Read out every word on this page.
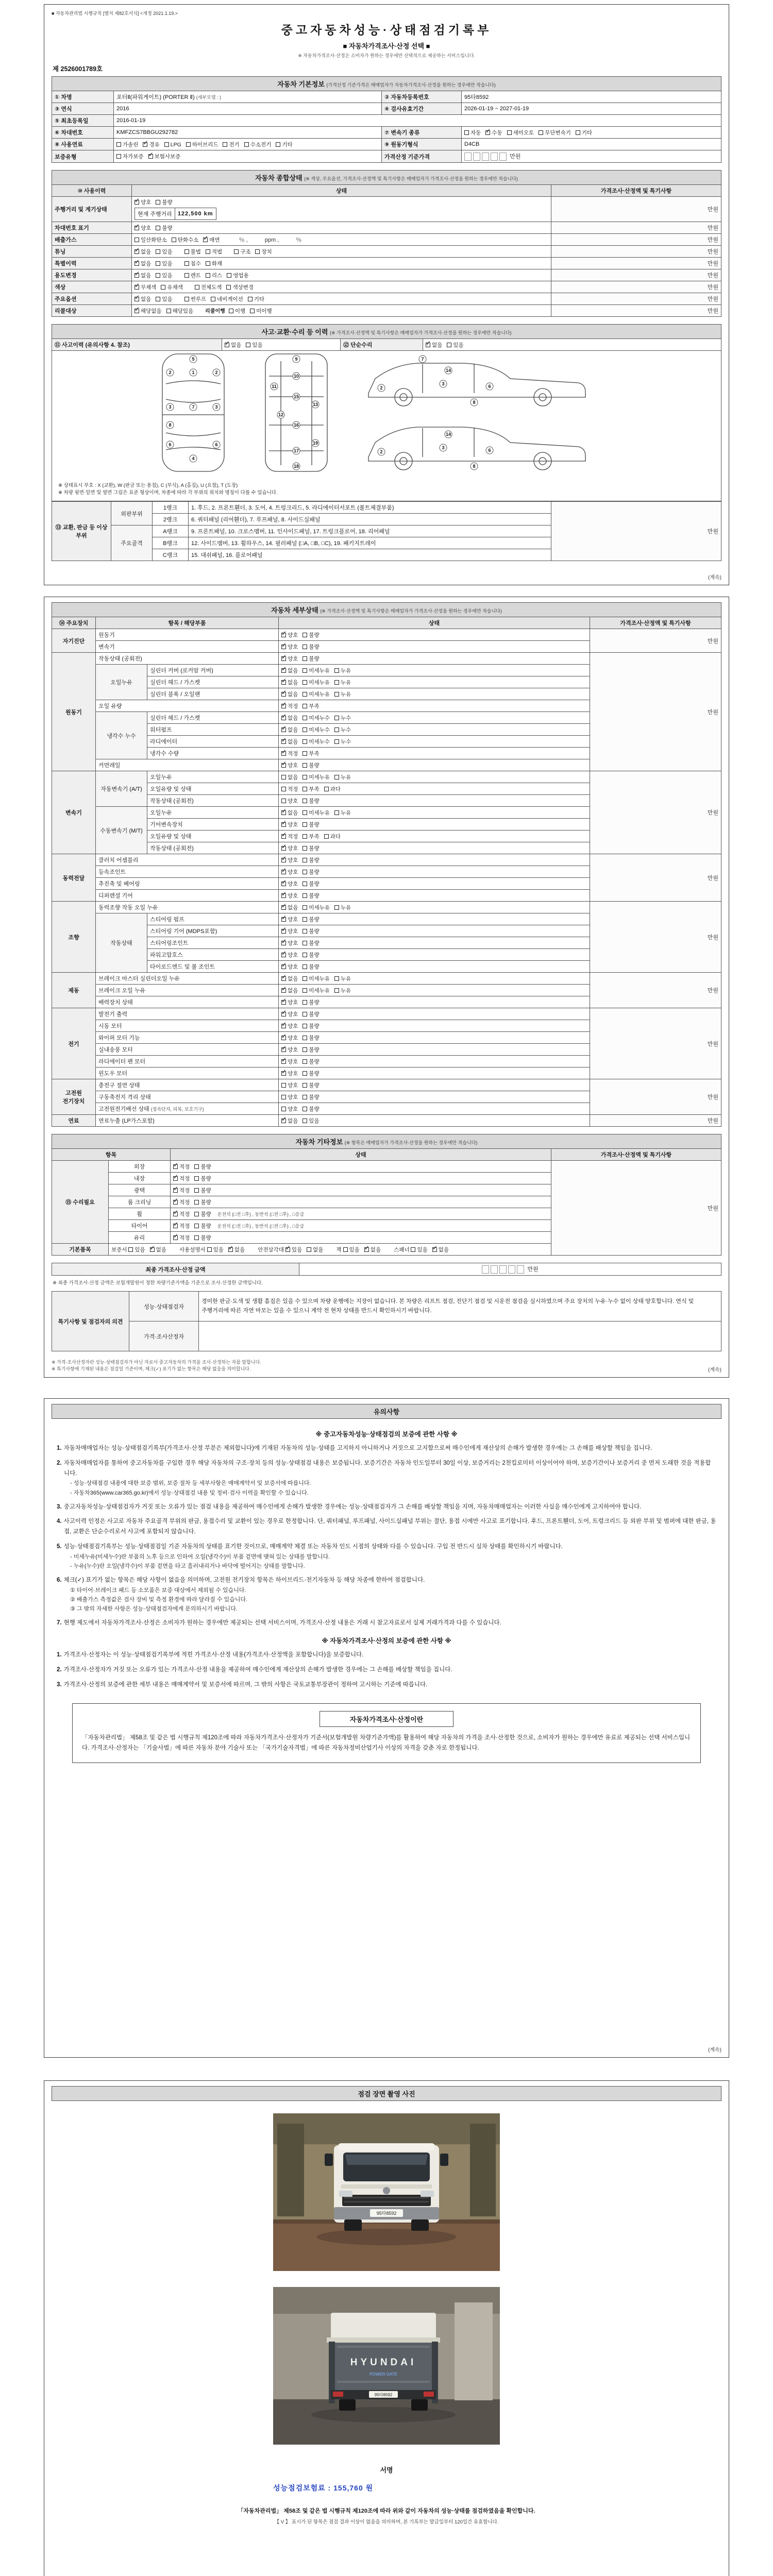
■ 자동차관리법 시행규칙 [별지 제82호서식] <개정 2021.1.19.>
중고자동차성능·상태점검기록부
■ 자동차가격조사·산정 선택 ■
※ 자동차가격조사·산정은 소비자가 원하는 경우에만 선택적으로 제공하는 서비스입니다.
제 2526001789호
자동차 기본정보 (가격산정 기준가격은 매매업자가 자동차가격조사·산정을 원하는 경우에만 적습니다)
① 차명	포터Ⅱ(파워게이트) (PORTER Ⅱ) (세부모델 : )	② 자동차등록번호	95타8592
③ 연식	2016	④ 검사유효기간	2026-01-19 ~ 2027-01-19
⑤ 최초등록일	2016-01-19		
⑥ 차대번호	KMFZCS7BBGU292782	⑦ 변속기 종류	자동 ✓ 수동 세미오토 무단변속기 기타
⑧ 사용연료	가솔린 ✓ 경유 LPG 하이브리드 전기 수소전기 기타	⑨ 원동기형식	D4CB
보증유형	자가보증 ✓ 보험사보증	가격산정 기준가격	만원
자동차 종합상태 (※ 색상, 주요옵션, 가격조사·산정액 및 특기사항은 매매업자가 가격조사·산정을 원하는 경우에만 적습니다)
⑩ 사용이력	상태	가격조사·산정액 및 특기사항
주행거리 및 계기상태	
✓양호 불량
현재 주행거리	122,500 km
	만원
차대번호 표기	
✓양호 불량	만원
배출가스	일산화탄소 탄화수소 ✓ 매연　　％ ,　　　ppm ,　　　％	만원
튜닝	
✓없음 있음	불법 적법	구조 장치	만원
특별이력	
✓없음 있음	침수 화재	만원
용도변경	
✓없음 있음	렌트 리스 영업용	만원
색상	
✓무채색 유채색	전체도색 색상변경	만원
주요옵션	
✓없음 있음	썬루프 네비게이션 기타	만원
리콜대상	
✓해당없음 해당있음 리콜이행 이행 미이행	만원
사고·교환·수리 등 이력 (※ 가격조사·산정액 및 특기사항은 매매업자가 가격조사·산정을 원하는 경우에만 적습니다)
⑪ 사고이력 (유의사항 4. 참조)	✓없음 있음	⑫ 단순수리	✓없음 있음
5
1
2	2
3	3
7
6	6
4
8
9
10
11
15
12
13
16
19
17
18
2
3	6
7
14
8
2
3	6
14
8
※ 상태표시 부호 : X (교환), W (판금 또는 용접), C (부식), A (흠집), U (요철), T (도장)
※ 차량 윗면·밑면 및 옆면 그림은 표준 형상이며, 차종에 따라 각 부위의 위치와 명칭이 다를 수 있습니다.
⑬ 교환, 판금 등 이상 부위	외판부위	1랭크	1. 후드, 2. 프론트휀더, 3. 도어, 4. 트렁크리드, 5. 라디에이터서포트 (볼트체결부품)	만원
		2랭크	6. 쿼터패널 (리어휀더), 7. 루프패널, 8. 사이드실패널	
	주요골격	A랭크	9. 프론트패널, 10. 크로스멤버, 11. 인사이드패널, 17. 트렁크플로어, 18. 리어패널	
		B랭크	12. 사이드멤버, 13. 휠하우스, 14. 필러패널 (□A, □B, □C), 19. 패키지트레이	
		C랭크	15. 대쉬패널, 16. 플로어패널	
(계속)
자동차 세부상태 (※ 가격조사·산정액 및 특기사항은 매매업자가 가격조사·산정을 원하는 경우에만 적습니다)
⑭ 주요장치	항목 / 해당부품		상태	가격조사·산정액 및 특기사항
자기진단	원동기	✓양호 불량	만원
	변속기	✓양호 불량
원동기	작동상태 (공회전)	✓양호 불량	만원
	오일누유	실린더 커버 (로커암 커버)	✓없음 미세누유 누유
		실린더 헤드 / 가스켓	✓없음 미세누유 누유
		실린더 블록 / 오일팬	✓없음 미세누유 누유
	오일 유량	✓적정 부족
	냉각수 누수	실린더 헤드 / 가스켓	✓없음 미세누수 누수
		워터펌프	✓없음 미세누수 누수
		라디에이터	✓없음 미세누수 누수
		냉각수 수량	✓적정 부족
	커먼레일	✓양호 불량
변속기	자동변속기 (A/T)	오일누유	없음 미세누유 누유	만원
		오일유량 및 상태	적정 부족 과다	
		작동상태 (공회전)	양호 불량	
	수동변속기 (M/T)	오일누유	✓없음 미세누유 누유
		기어변속장치	✓양호 불량
		오일유량 및 상태	✓적정 부족 과다
		작동상태 (공회전)	✓양호 불량
동력전달	클러치 어셈블리	✓양호 불량	만원
	등속조인트	✓양호 불량
	추진축 및 베어링	✓양호 불량
	디퍼렌셜 기어	✓양호 불량
조향	동력조향 작동 오일 누유	✓없음 미세누유 누유	만원
	작동상태	스티어링 펌프	✓양호 불량
		스티어링 기어 (MDPS포함)	✓양호 불량
		스티어링조인트	✓양호 불량
		파워고압호스	✓양호 불량
		타이로드엔드 및 볼 조인트	✓양호 불량
제동	브레이크 마스터 실린더오일 누유	✓없음 미세누유 누유	만원
	브레이크 오일 누유	✓없음 미세누유 누유
	배력장치 상태	✓양호 불량
전기	발전기 출력	✓양호 불량	만원
	시동 모터	✓양호 불량
	와이퍼 모터 기능	✓양호 불량
	실내송풍 모터	✓양호 불량
	라디에이터 팬 모터	✓양호 불량
	윈도우 모터	✓양호 불량
고전원 전기장치	충전구 절연 상태		양호 불량	만원
	구동축전지 격리 상태		양호 불량	
	고전원전기배선 상태 (접속단자, 피복, 보호기구)		양호 불량	
연료	연료누출 (LP가스포함)	✓없음 있음	만원
자동차 기타정보 (※ 항목은 매매업자가 가격조사·산정을 원하는 경우에만 적습니다)
항목		상태	가격조사·산정액 및 특기사항
⑮ 수리필요	외장	✓적정 불량	만원
	내장	✓적정 불량
	광택	✓적정 불량
	룸 크리닝	✓적정 불량
	휠	✓적정 불량 운전석 (□전 □후) , 동반석 (□전 □후) , □응급
	타이어	✓적정 불량 운전석 (□전 □후) , 동반석 (□전 □후) , □응급
	유리	✓적정 불량
기본품목	보증서 있음 ✓ 없음 사용설명서 있음 ✓ 없음 안전삼각대 ✓ 있음 없음 잭 있음 ✓ 없음 스패너 있음 ✓ 없음
최종 가격조사·산정 금액	만원
※ 최종 가격조사·산정 금액은 보험개발원이 정한 차량기준가액을 기준으로 조사·산정한 금액입니다.
특기사항 및 점검자의 의견	성능·상태점검자	경미한 판금·도색 및 생활 흠집은 있을 수 있으며 차량 운행에는 지장이 없습니다. 본 차량은 리프트 점검, 진단기 점검 및 시운전 점검을 실시하였으며 주요 장치의 누유·누수 없이 상태 양호합니다. 연식 및 주행거리에 따른 자연 마모는 있을 수 있으니 계약 전 현차 상태를 반드시 확인하시기 바랍니다.
	가격·조사산정자	
※ 가격·조사산정자란 성능·상태점검자가 아닌 자로서 중고자동차의 가격을 조사·산정하는 자를 말합니다.
※ 특기사항에 기재된 내용은 점검일 기준이며, 체크(✓) 표기가 없는 항목은 해당 없음을 의미합니다.	(계속)
유의사항
※ 중고자동차성능·상태점검의 보증에 관한 사항 ※
1. 자동차매매업자는 성능·상태점검기록부(가격조사·산정 부분은 제외합니다)에 기재된 자동차의 성능·상태를 고지하지 아니하거나 거짓으로 고지함으로써 매수인에게 재산상의 손해가 발생한 경우에는 그 손해를 배상할 책임을 집니다.
2. 자동차매매업자를 통하여 중고자동차를 구입한 경우 해당 자동차의 구조·장치 등의 성능·상태점검 내용은 보증됩니다. 보증기간은 자동차 인도일부터 30일 이상, 보증거리는 2천킬로미터 이상이어야 하며, 보증기간이나 보증거리 중 먼저 도래한 것을 적용합니다.
- 성능·상태점검 내용에 대한 보증 범위, 보증 절차 등 세부사항은 매매계약서 및 보증서에 따릅니다.
- 자동차365(www.car365.go.kr)에서 성능·상태점검 내용 및 정비·검사 이력을 확인할 수 있습니다.
3. 중고자동차성능·상태점검자가 거짓 또는 오류가 있는 점검 내용을 제공하여 매수인에게 손해가 발생한 경우에는 성능·상태점검자가 그 손해를 배상할 책임을 지며, 자동차매매업자는 이러한 사실을 매수인에게 고지하여야 합니다.
4. 사고이력 인정은 사고로 자동차 주요골격 부위의 판금, 용접수리 및 교환이 있는 경우로 한정합니다. 단, 쿼터패널, 루프패널, 사이드실패널 부위는 절단, 용접 시에만 사고로 표기합니다. 후드, 프론트휀더, 도어, 트렁크리드 등 외판 부위 및 범퍼에 대한 판금, 용접, 교환은 단순수리로서 사고에 포함되지 않습니다.
5. 성능·상태점검기록부는 성능·상태점검일 기준 자동차의 상태를 표기한 것이므로, 매매계약 체결 또는 자동차 인도 시점의 상태와 다를 수 있습니다. 구입 전 반드시 실차 상태를 확인하시기 바랍니다.
- 미세누유(미세누수)란 부품의 노후 등으로 인하여 오일(냉각수)이 부품 겉면에 맺혀 있는 상태를 말합니다.
- 누유(누수)란 오일(냉각수)이 부품 겉면을 타고 흘러내리거나 바닥에 떨어지는 상태를 말합니다.
6. 체크(✓) 표기가 없는 항목은 해당 사항이 없음을 의미하며, 고전원 전기장치 항목은 하이브리드·전기자동차 등 해당 차종에 한하여 점검합니다.
① 타이어·브레이크 패드 등 소모품은 보증 대상에서 제외될 수 있습니다.
② 배출가스 측정값은 검사 장비 및 측정 환경에 따라 달라질 수 있습니다.
③ 그 밖의 자세한 사항은 성능·상태점검자에게 문의하시기 바랍니다.
7. 현행 제도에서 자동차가격조사·산정은 소비자가 원하는 경우에만 제공되는 선택 서비스이며, 가격조사·산정 내용은 거래 시 참고자료로서 실제 거래가격과 다를 수 있습니다.
※ 자동차가격조사·산정의 보증에 관한 사항 ※
1. 가격조사·산정자는 이 성능·상태점검기록부에 적힌 가격조사·산정 내용(가격조사·산정액을 포함합니다)을 보증합니다.
2. 가격조사·산정자가 거짓 또는 오류가 있는 가격조사·산정 내용을 제공하여 매수인에게 재산상의 손해가 발생한 경우에는 그 손해를 배상할 책임을 집니다.
3. 가격조사·산정의 보증에 관한 세부 내용은 매매계약서 및 보증서에 따르며, 그 밖의 사항은 국토교통부장관이 정하여 고시하는 기준에 따릅니다.
자동차가격조사·산정이란
「자동차관리법」 제58조 및 같은 법 시행규칙 제120조에 따라 자동차가격조사·산정자가 기준서(보험개발원 차량기준가액)를 활용하여 해당 자동차의 가격을 조사·산정한 것으로, 소비자가 원하는 경우에만 유료로 제공되는 선택 서비스입니다. 가격조사·산정자는 「기술사법」에 따른 자동차 분야 기술사 또는 「국가기술자격법」에 따른 자동차정비산업기사 이상의 자격을 갖춘 자로 한정됩니다.
(계속)
점검 장면 촬영 사진
95타8592

HYUNDAI
POWER GATE
95타8592
서명
성능점검보험료 : 155,760 원
「자동차관리법」 제58조 및 같은 법 시행규칙 제120조에 따라 위와 같이 자동차의 성능·상태를 점검하였음을 확인합니다.
【 V 】 표시가 된 항목은 점검 결과 이상이 없음을 의미하며, 본 기록부는 발급일부터 120일간 유효합니다.
